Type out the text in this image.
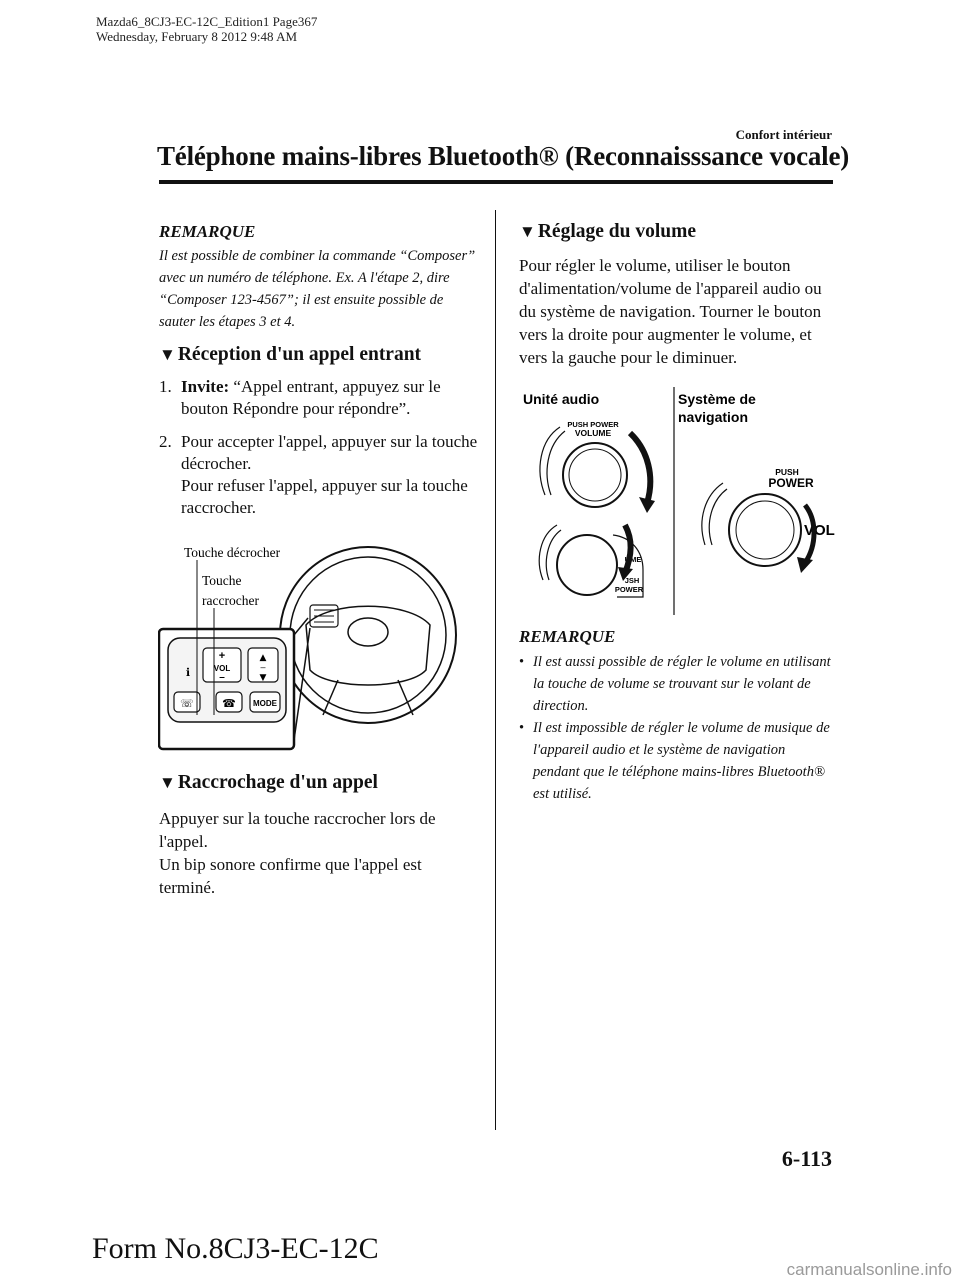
Mazda6_8CJ3-EC-12C_Edition1 Page367
Wednesday, February 8 2012 9:48 AM
Confort intérieur
Téléphone mains-libres Bluetooth® (Reconnaisssance vocale)
REMARQUE
Il est possible de combiner la commande “Composer” avec un numéro de téléphone. Ex. A l'étape 2, dire “Composer 123-4567”; il est ensuite possible de sauter les étapes 3 et 4.
▼ Réception d'un appel entrant
1. Invite: “Appel entrant, appuyez sur le bouton Répondre pour répondre”.
2. Pour accepter l'appel, appuyer sur la touche décrocher.
Pour refuser l'appel, appuyer sur la touche raccrocher.
+
VOL
–
▲
–
▼
ℹ
☏	☎ MODE
Touche décrocher
Touche
raccrocher
▼ Raccrochage d'un appel

Appuyer sur la touche raccrocher lors de l'appel.

Un bip sonore confirme que l'appel est terminé.

▼ Réglage du volume
Pour régler le volume, utiliser le bouton d'alimentation/volume de l'appareil audio ou du système de navigation. Tourner le bouton vers la droite pour augmenter le volume, et vers la gauche pour le diminuer.
Unité audio	Système de
navigation
PUSH POWER
VOLUME
UME
JSH
POWER
PUSH
POWER
VOL
REMARQUE
• Il est aussi possible de régler le volume en utilisant la touche de volume se trouvant sur le volant de direction.
• Il est impossible de régler le volume de musique de l'appareil audio et le système de navigation pendant que le téléphone mains-libres Bluetooth® est utilisé.
6-113
Form No.8CJ3-EC-12C
carmanualsonline.info
